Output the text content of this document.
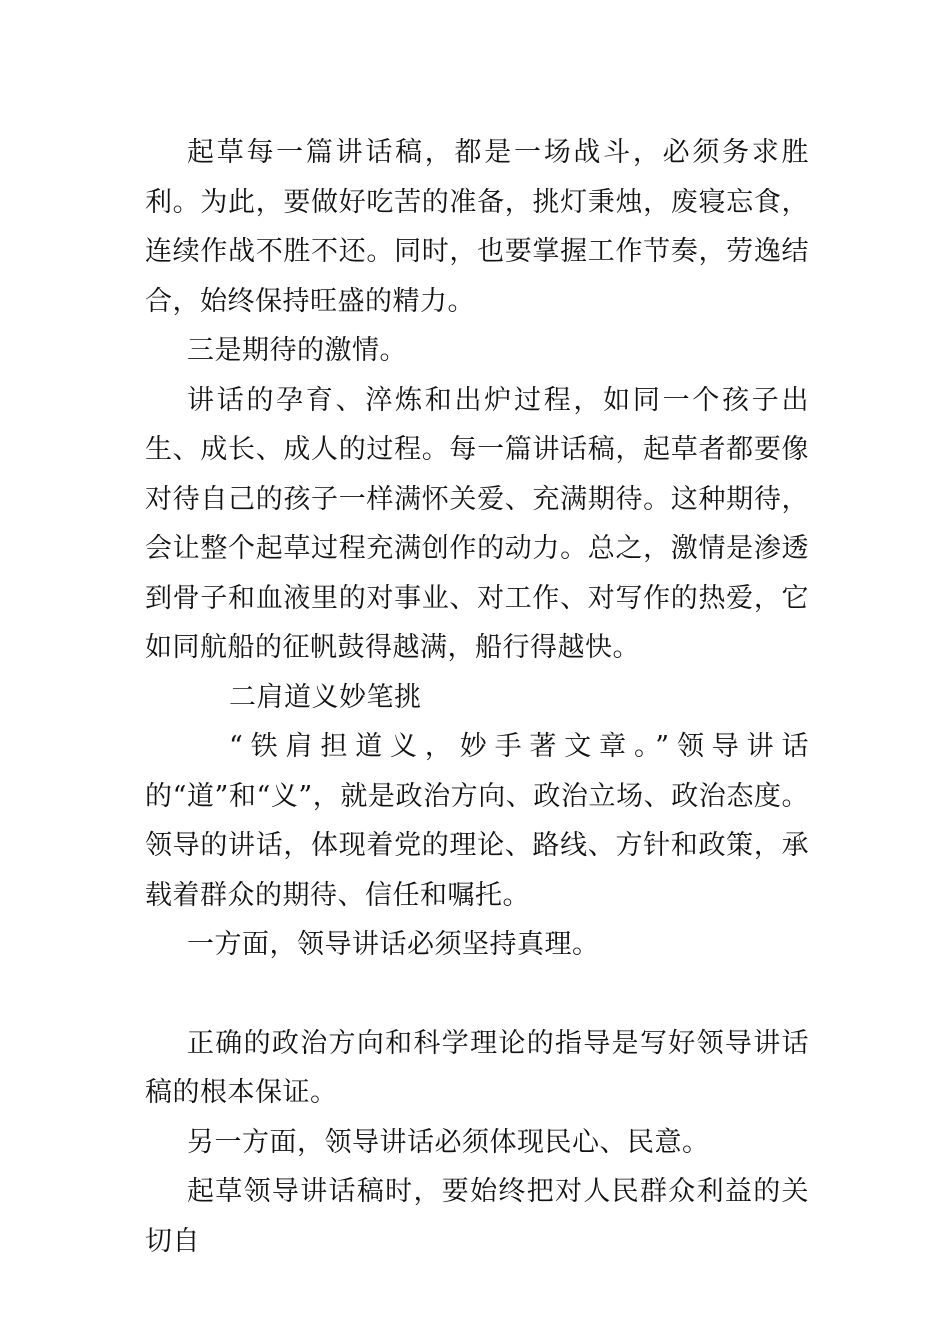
起草每一篇讲话稿，都是一场战斗，必须务求胜利。为此，要做好吃苦的准备，挑灯秉烛，废寝忘食，连续作战不胜不还。同时，也要掌握工作节奏，劳逸结合，始终保持旺盛的精力。

三是期待的激情。

讲话的孕育、淬炼和出炉过程，如同一个孩子出生、成长、成人的过程。每一篇讲话稿，起草者都要像对待自己的孩子一样满怀关爱、充满期待。这种期待，会让整个起草过程充满创作的动力。总之，激情是渗透到骨子和血液里的对事业、对工作、对写作的热爱，它如同航船的征帆鼓得越满，船行得越快。

二肩道义妙笔挑

“铁肩担道义，妙手著文章。”领导讲话的“道”和“义”，就是政治方向、政治立场、政治态度。领导的讲话，体现着党的理论、路线、方针和政策，承载着群众的期待、信任和嘱托。

一方面，领导讲话必须坚持真理。

正确的政治方向和科学理论的指导是写好领导讲话稿的根本保证。

另一方面，领导讲话必须体现民心、民意。

起草领导讲话稿时，要始终把对人民群众利益的关切自
